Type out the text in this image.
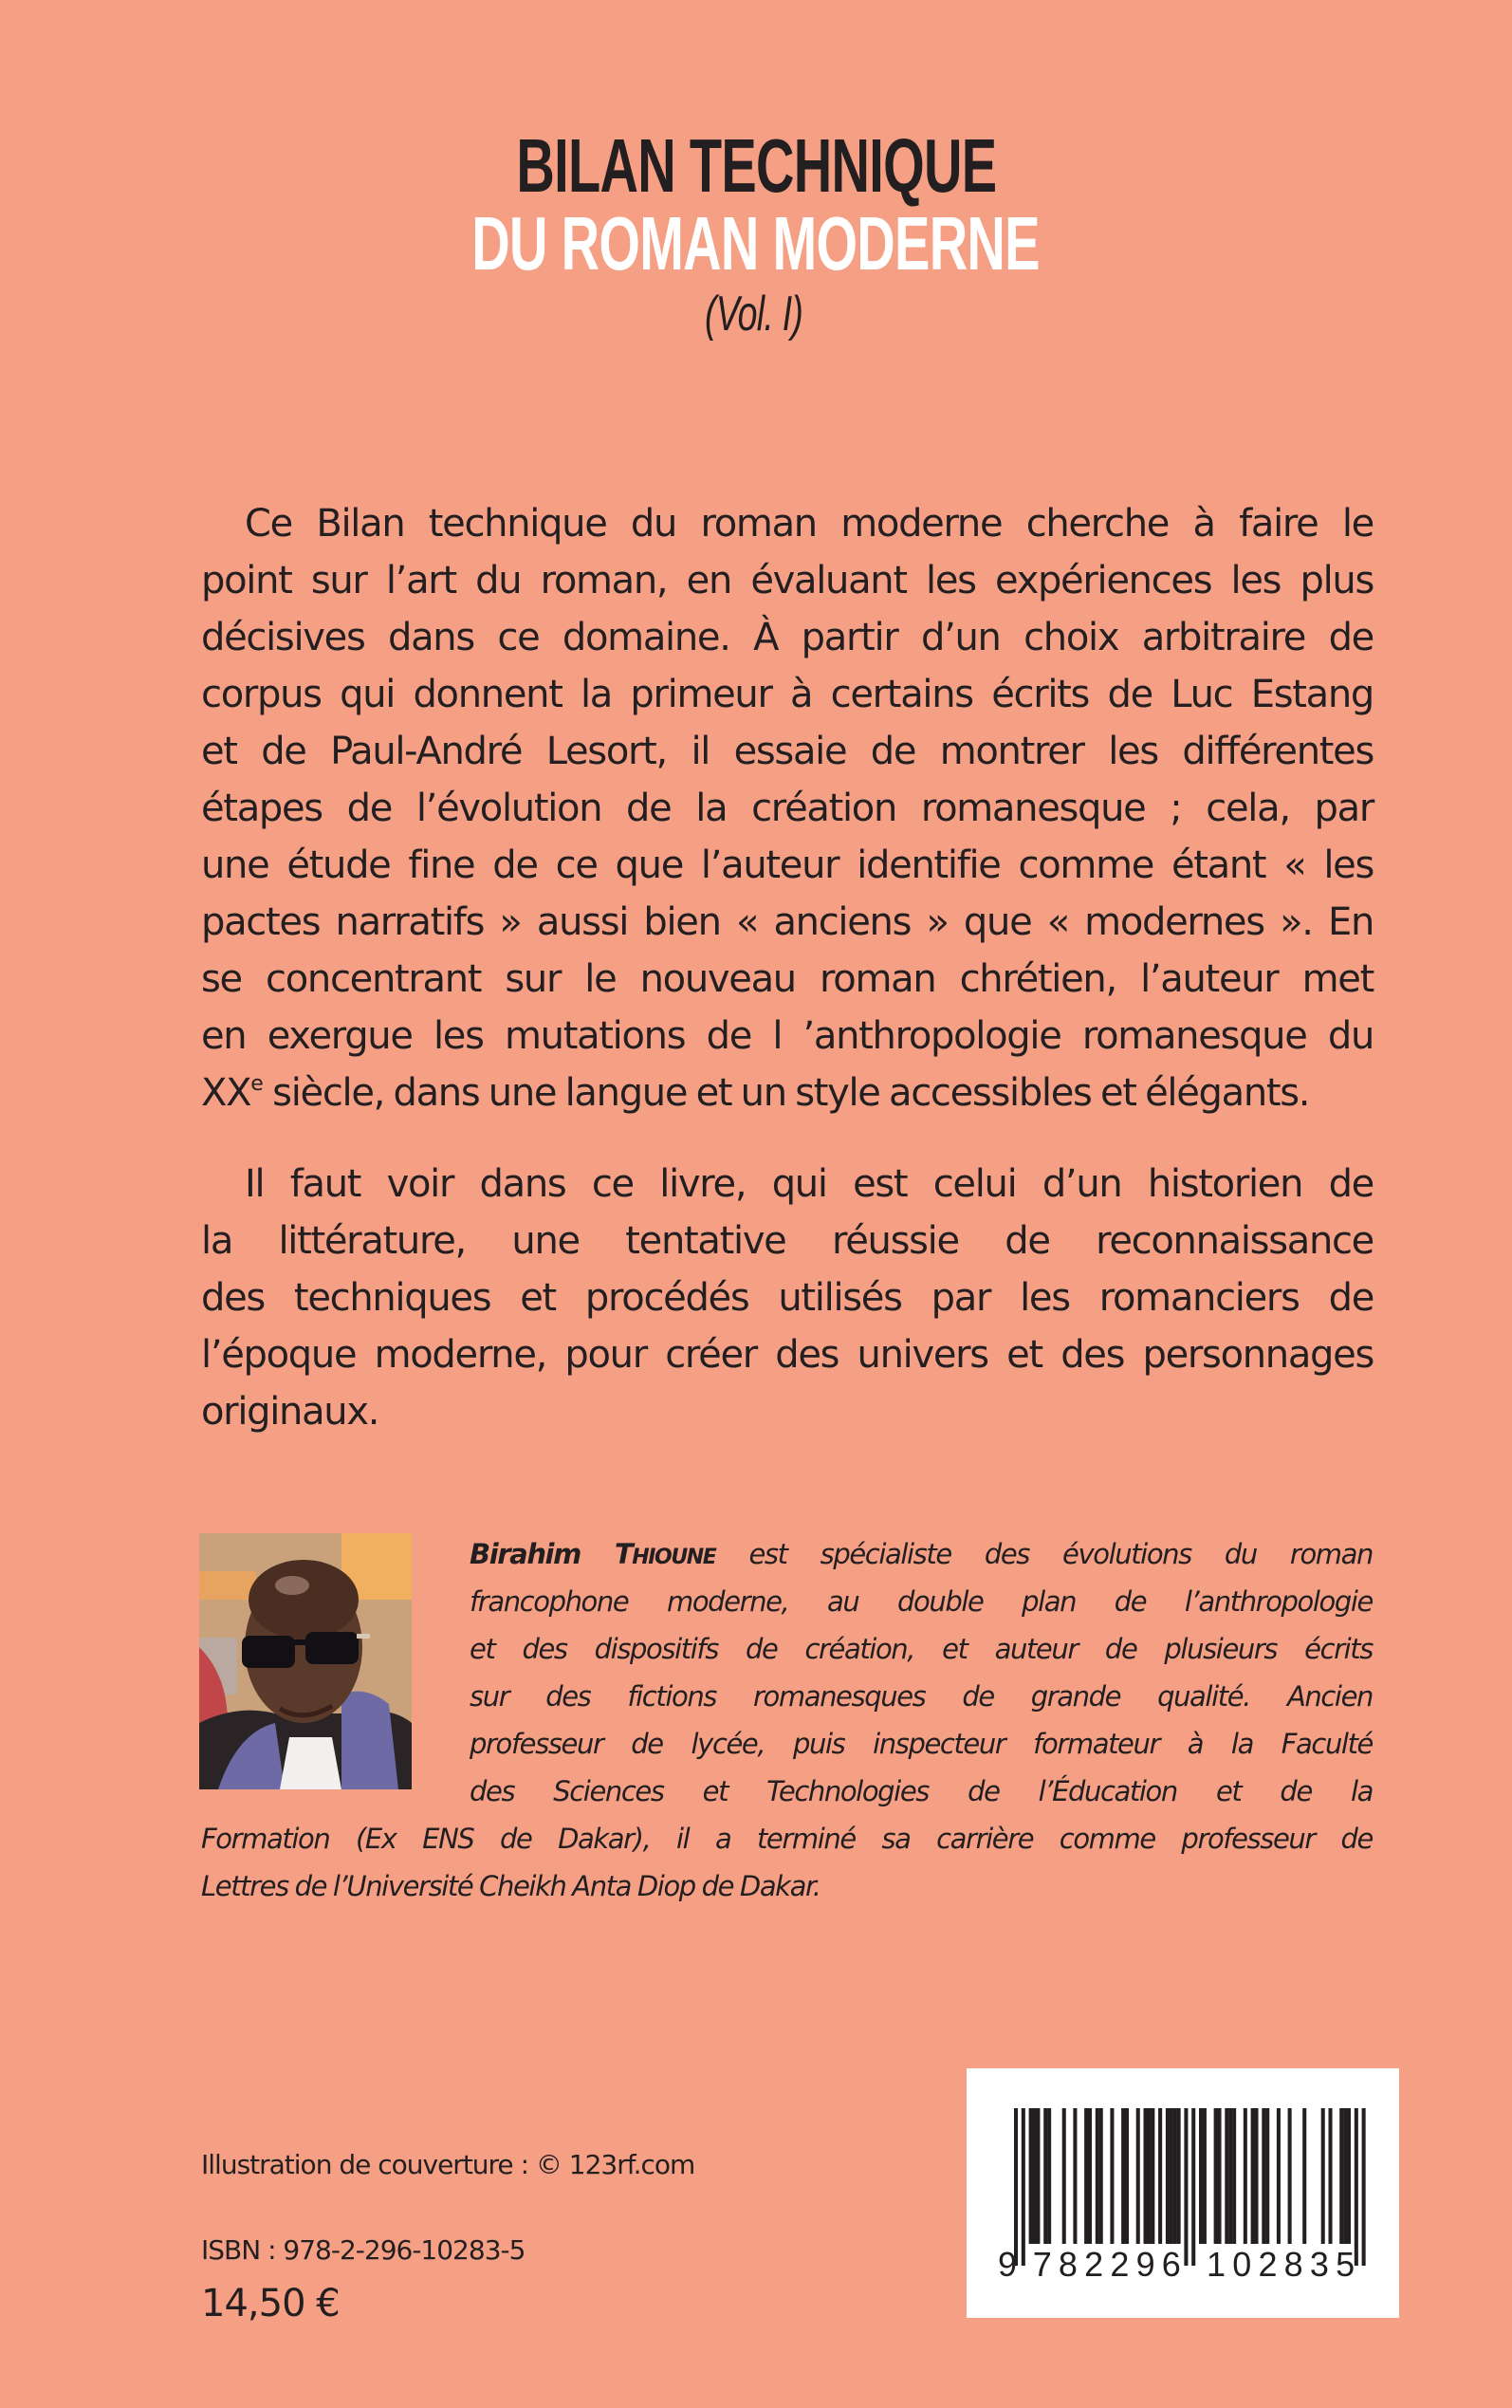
BILAN TECHNIQUE
DU ROMAN MODERNE
(Vol. I)
Ce Bilan technique du roman moderne cherche à faire le
point sur l’art du roman, en évaluant les expériences les plus
décisives dans ce domaine. À partir d’un choix arbitraire de
corpus qui donnent la primeur à certains écrits de Luc Estang
et de Paul-André Lesort, il essaie de montrer les différentes
étapes de l’évolution de la création romanesque ; cela, par
une étude fine de ce que l’auteur identifie comme étant « les
pactes narratifs » aussi bien « anciens » que « modernes ». En
se concentrant sur le nouveau roman chrétien, l’auteur met
en exergue les mutations de l ’anthropologie romanesque du
XXe siècle, dans une langue et un style accessibles et élégants.
Il faut voir dans ce livre, qui est celui d’un historien de
la littérature, une tentative réussie de reconnaissance
des techniques et procédés utilisés par les romanciers de
l’époque moderne, pour créer des univers et des personnages
originaux.
Birahim THIOUNE est spécialiste des évolutions du roman
francophone moderne, au double plan de l’anthropologie
et des dispositifs de création, et auteur de plusieurs écrits
sur des fictions romanesques de grande qualité. Ancien
professeur de lycée, puis inspecteur formateur à la Faculté
des Sciences et Technologies de l’Éducation et de la
Formation (Ex ENS de Dakar), il a terminé sa carrière comme professeur de
Lettres de l’Université Cheikh Anta Diop de Dakar.
Illustration de couverture : © 123rf.com
ISBN : 978-2-296-10283-5
14,50 €
9 782296 102835
